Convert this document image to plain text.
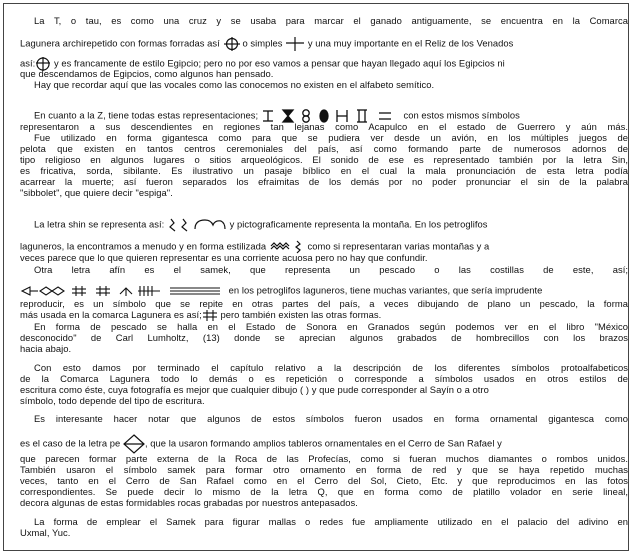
La T, o tau, es como una cruz y se usaba para marcar el ganado antiguamente, se encuentra en la Comarca
Lagunera archirepetido con formas forradas así o simples	y una muy importante en el Reliz de los Venados
así: y es francamente de estilo Egipcio; pero no por eso vamos a pensar que hayan llegado aquí los Egipcios ni
que descendamos de Egipcios, como algunos han pensado.
Hay que recordar aquí que las vocales como las conocemos no existen en el alfabeto semítico.
En cuanto a la Z, tiene todas estas representaciones;	con estos mismos símbolos
representaron a sus descendientes en regiones tan lejanas como Acapulco en el estado de Guerrero y aún más.
Fue utilizado en forma gigantesca como para que se pudiera ver desde un avión, en los múltiples juegos de
pelota que existen en tantos centros ceremoniales del país, así como formando parte de numerosos adornos de
tipo religioso en algunos lugares o sitios arqueológicos. El sonido de ese es representado también por la letra Sin,
es fricativa, sorda, sibilante. Es ilustrativo un pasaje bíblico en el cual la mala pronunciación de esta letra podía
acarrear la muerte; así fueron separados los efraimitas de los demás por no poder pronunciar el sin de la palabra
"sibbolet", que quiere decir "espiga".
La letra shin se representa así:	y pictograficamente representa la montaña. En los petroglifos
laguneros, la encontramos a menudo y en forma estilizada	como si representaran varias montañas y a
veces parece que lo que quieren representar es una corriente acuosa pero no hay que confundir.
Otra letra afín es el samek, que representa un pescado o las costillas de este, así;
en los petroglifos laguneros, tiene muchas variantes, que sería imprudente
reproducir, es un símbolo que se repite en otras partes del país, a veces dibujando de plano un pescado, la forma
más usada en la comarca Lagunera es así; pero también existen las otras formas.
En forma de pescado se halla en el Estado de Sonora en Granados según podemos ver en el libro "México
desconocido" de Carl Lumholtz, (13) donde se aprecian algunos grabados de hombrecillos con los brazos
hacia abajo.
Con esto damos por terminado el capítulo relativo a la descripción de los diferentes símbolos protoalfabeticos
de la Comarca Lagunera todo lo demás o es repetición o corresponde a símbolos usados en otros estilos de
escritura como éste, cuya fotografía es mejor que cualquier dibujo ( ) y que pude corresponder al Sayín o a otro
símbolo, todo depende del tipo de escritura.
Es interesante hacer notar que algunos de estos símbolos fueron usados en forma ornamental gigantesca como
es el caso de la letra pe	, que la usaron formando amplios tableros ornamentales en el Cerro de San Rafael y
que parecen formar parte externa de la Roca de las Profecías, como si fueran muchos diamantes o rombos unidos.
También usaron el símbolo samek para formar otro ornamento en forma de red y que se haya repetido muchas
veces, tanto en el Cerro de San Rafael como en el Cerro del Sol, Cieto, Etc. y que reproducimos en las fotos
correspondientes. Se puede decir lo mismo de la letra Q, que en forma como de platillo volador en serie lineal,
decora algunas de estas formidables rocas grabadas por nuestros antepasados.
La forma de emplear el Samek para figurar mallas o redes fue ampliamente utilizado en el palacio del adivino en
Uxmal, Yuc.
